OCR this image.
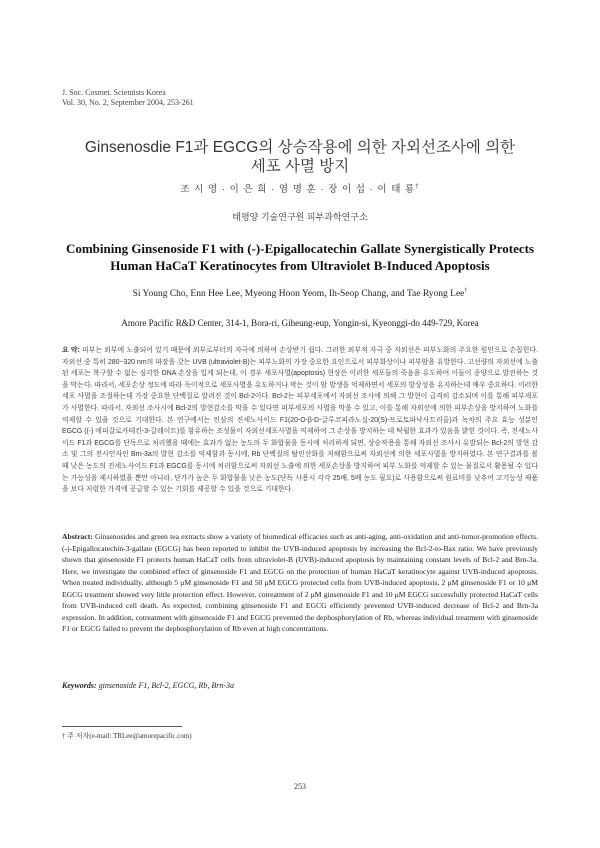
J. Soc. Cosmet. Scientists Korea
Vol. 30, No. 2, September 2004, 253-261
Ginsenosdie F1과 EGCG의 상승작용에 의한 자외선조사에 의한
세포 사멸 방지
조 시 영 · 이 은 희 · 염 명 훈 · 장 이 섭 · 이 태 룡†
태평양 기술연구원 피부과학연구소
Combining Ginsenoside F1 with (-)-Epigallocatechin Gallate Synergistically Protects
Human HaCaT Keratinocytes from Ultraviolet B-Induced Apoptosis
Si Young Cho, Enn Hee Lee, Myeong Hoon Yeom, Ih-Seop Chang, and Tae Ryong Lee†
Amore Pacific R&D Center, 314-1, Bora-ri, Giheung-eup, Yongin-si, Kyeonggi-do 449-729, Korea
요 약: 피부는 외부에 노출되어 있기 때문에 외부로부터의 자극에 의하여 손상받기 쉽다. 그러한 외부적 자극 중 자외선은 피부노화의 주요한 원인으로 손꼽힌다. 자외선 중 특히 280~320 nm의 파장을 갖는 UVB (ultraviolet-B)는 피부노화의 가장 중요한 요인으로서 피부화상이나 피부암을 유발한다. 고선량의 자외선에 노출된 세포는 복구할 수 없는 심각한 DNA 손상을 입게 되는데, 이 경우 세포사멸(apoptosis) 현상은 이러한 세포들의 죽음을 유도하여 이들이 종양으로 발전하는 것을 막는다. 따라서, 세포손상 정도에 따라 독이적으로 세포사멸을 유도하거나 막는 것이 암 발생을 억제하면서 세포의 항상성을 유지하는데 매우 중요하다. 이러한 세포 사멸을 조절하는데 가장 중요한 단백질로 알려진 것이 Bcl-2이다. Bcl-2는 피부세포에서 자외선 조사에 의해 그 발현이 급격히 감소되며 이를 통해 피부세포가 사멸한다. 따라서, 자외선 조사시에 Bcl-2의 발현감소를 막을 수 있다면 피부세포의 사멸을 막을 수 있고, 이를 통해 자외선에 의한 피부손상을 방지하여 노화를 억제할 수 있을 것으로 기대한다. 본 연구에서는 인삼의 진세노사이드 F1(20-O-β-D-글루코피라노실-20(S)-프로토파낙사트리올)과 녹차의 주요 효능 성분인 EGCG ((-) 에피갈로카테킨-3-갈레이트)를 함유하는 조성물이 자외선세포사멸을 억제하여 그 손상을 방지하는 데 탁월한 효과가 있음을 밝힌 것이다. 즉, 진세노사이드 F1과 EGCG를 단독으로 처리했을 때에는 효과가 없는 농도의 두 화합물을 동시에 처리하게 되면, 상승작용을 통해 자외선 조사시 유발되는 Bcl-2의 발현 감소 및 그의 전사인자인 Brn-3a의 발현 감소를 억제함과 동시에, Rb 단백질의 탈인산화를 저해함으로써 자외선에 의한 세포사멸을 방지하였다. 본 연구결과를 볼 때 낮은 농도의 진세노사이드 F1과 EGCG를 동시에 처리함으로써 자외선 노출에 의한 세포손상을 방지하여 피부 노화를 억제할 수 있는 물질로서 활용될 수 있다는 가능성을 제시하였을 뿐만 아니라, 단가가 높은 두 화합물을 낮은 농도(단독 사용시 각각 25배, 5배 농도 필요)로 사용함으로써 원료비를 낮추어 고기능성 제품을 보다 저렴한 가격에 공급할 수 있는 기회를 제공할 수 있을 것으로 기대한다.
Abstract: Ginsenosides and green tea extracts show a variety of biomedical efficacies such as anti-aging, anti-oxidation and anti-tumor-promotion effects. (-)-Epigallocatechin-3-gallate (EGCG) has been reported to inhibit the UVB-induced apoptosis by increasing the Bcl-2-to-Bax ratio. We have previously shown that ginsenoside F1 protects human HaCaT cells from ultraviolet-B (UVB)-induced apoptosis by maintaining constant levels of Bcl-2 and Brn-3a. Here, we investigate the combined effect of ginsenoside F1 and EGCG on the protection of human HaCaT keratinocyte against UVB-induced apoptosis. When treated individually, although 5 μM ginsenoside F1 and 50 μM EGCG protected cells from UVB-induced apoptosis, 2 μM ginsenoside F1 or 10 μM EGCG treatment showed very little protection effect. However, cotreatment of 2 μM ginsenoside F1 and 10 μM EGCG successfully protected HaCaT cells from UVB-induced cell death. As expected, combining ginsenoside F1 and EGCG efficiently prevented UVB-induced decrease of Bcl-2 and Brn-3a expression. In addition, cotreatment with ginsenoside F1 and EGCG prevented the dephosphorylation of Rb, whereas individual treatment with ginsenoside F1 or EGCG failed to prevent the dephosphorylation of Rb even at high concentrations.
Keywords: ginsenoside F1, Bcl-2, EGCG, Rb, Brn-3a
† 주 저자(e-mail: TRLee@amorepacific.com)
253
